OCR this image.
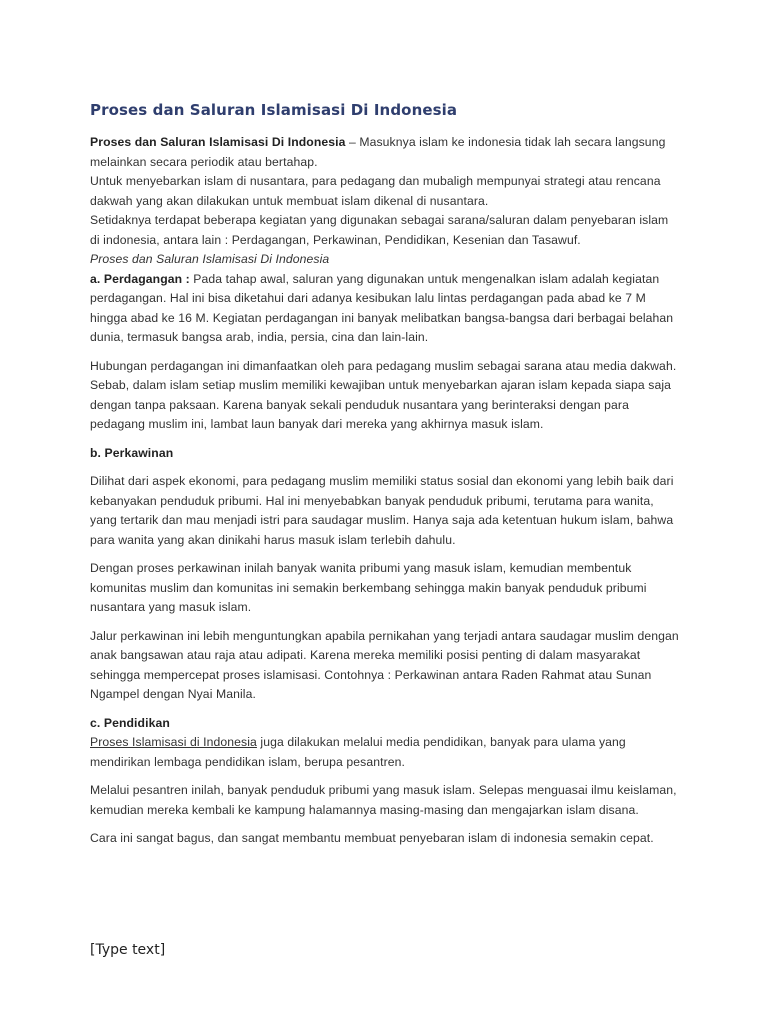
Proses dan Saluran Islamisasi Di Indonesia

Proses dan Saluran Islamisasi Di Indonesia – Masuknya islam ke indonesia tidak lah secara langsung melainkan secara periodik atau bertahap.

Untuk menyebarkan islam di nusantara, para pedagang dan mubaligh mempunyai strategi atau rencana dakwah yang akan dilakukan untuk membuat islam dikenal di nusantara.

Setidaknya terdapat beberapa kegiatan yang digunakan sebagai sarana/saluran dalam penyebaran islam di indonesia, antara lain : Perdagangan, Perkawinan, Pendidikan, Kesenian dan Tasawuf.

Proses dan Saluran Islamisasi Di Indonesia

a. Perdagangan : Pada tahap awal, saluran yang digunakan untuk mengenalkan islam adalah kegiatan perdagangan. Hal ini bisa diketahui dari adanya kesibukan lalu lintas perdagangan pada abad ke 7 M hingga abad ke 16 M. Kegiatan perdagangan ini banyak melibatkan bangsa-bangsa dari berbagai belahan dunia, termasuk bangsa arab, india, persia, cina dan lain-lain.

Hubungan perdagangan ini dimanfaatkan oleh para pedagang muslim sebagai sarana atau media dakwah. Sebab, dalam islam setiap muslim memiliki kewajiban untuk menyebarkan ajaran islam kepada siapa saja dengan tanpa paksaan. Karena banyak sekali penduduk nusantara yang berinteraksi dengan para pedagang muslim ini, lambat laun banyak dari mereka yang akhirnya masuk islam.

b. Perkawinan

Dilihat dari aspek ekonomi, para pedagang muslim memiliki status sosial dan ekonomi yang lebih baik dari kebanyakan penduduk pribumi. Hal ini menyebabkan banyak penduduk pribumi, terutama para wanita, yang tertarik dan mau menjadi istri para saudagar muslim. Hanya saja ada ketentuan hukum islam, bahwa para wanita yang akan dinikahi harus masuk islam terlebih dahulu.

Dengan proses perkawinan inilah banyak wanita pribumi yang masuk islam, kemudian membentuk komunitas muslim dan komunitas ini semakin berkembang sehingga makin banyak penduduk pribumi nusantara yang masuk islam.

Jalur perkawinan ini lebih menguntungkan apabila pernikahan yang terjadi antara saudagar muslim dengan anak bangsawan atau raja atau adipati. Karena mereka memiliki posisi penting di dalam masyarakat sehingga mempercepat proses islamisasi. Contohnya : Perkawinan antara Raden Rahmat atau Sunan Ngampel dengan Nyai Manila.

c. Pendidikan

Proses Islamisasi di Indonesia juga dilakukan melalui media pendidikan, banyak para ulama yang mendirikan lembaga pendidikan islam, berupa pesantren.

Melalui pesantren inilah, banyak penduduk pribumi yang masuk islam. Selepas menguasai ilmu keislaman, kemudian mereka kembali ke kampung halamannya masing-masing dan mengajarkan islam disana.

Cara ini sangat bagus, dan sangat membantu membuat penyebaran islam di indonesia semakin cepat.

[Type text]
